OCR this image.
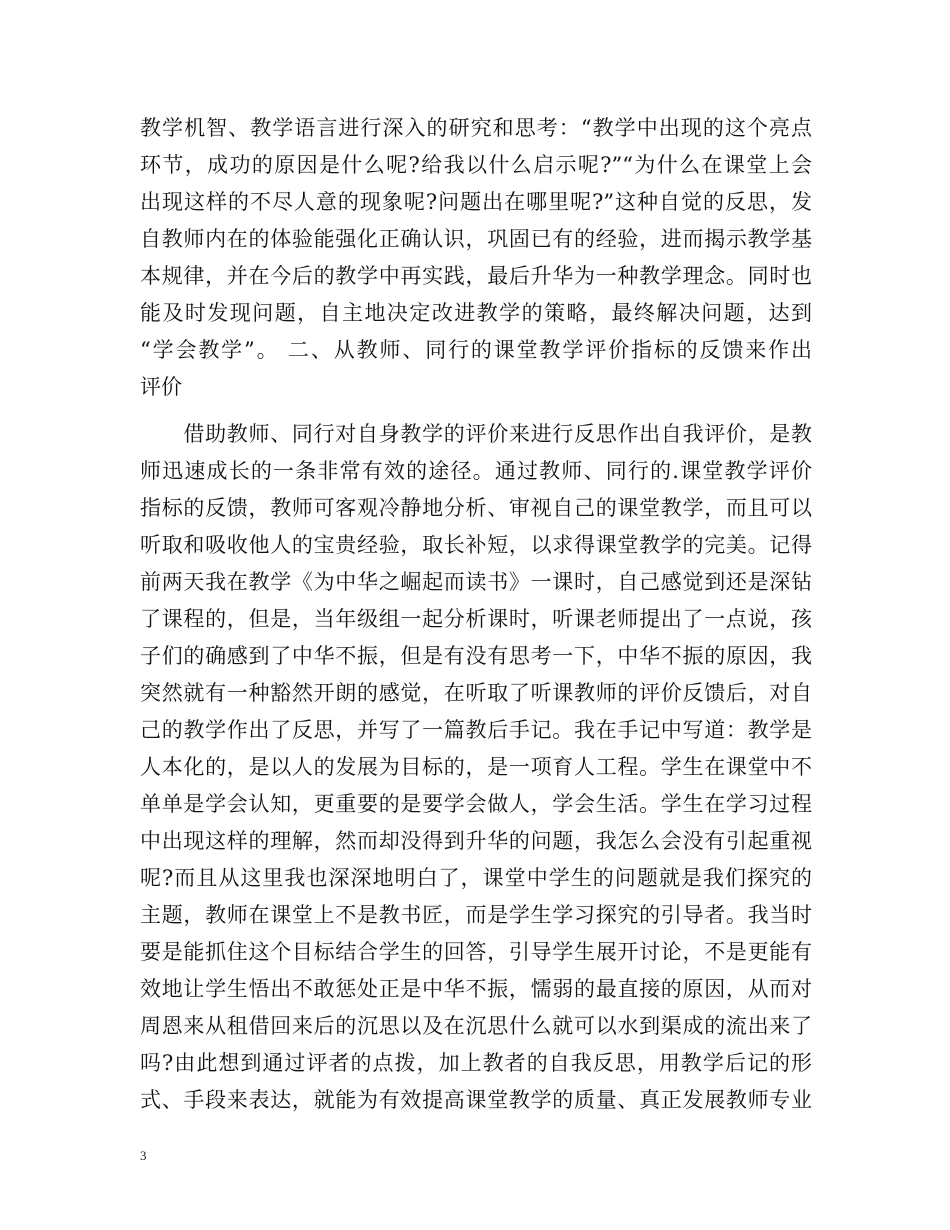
教学机智、教学语言进行深入的研究和思考：“教学中出现的这个亮点
环节，成功的原因是什么呢?给我以什么启示呢?”“为什么在课堂上会
出现这样的不尽人意的现象呢?问题出在哪里呢?”这种自觉的反思，发
自教师内在的体验能强化正确认识，巩固已有的经验，进而揭示教学基
本规律，并在今后的教学中再实践，最后升华为一种教学理念。同时也
能及时发现问题，自主地决定改进教学的策略，最终解决问题，达到
“学会教学”。 二、从教师、同行的课堂教学评价指标的反馈来作出
评价
　　借助教师、同行对自身教学的评价来进行反思作出自我评价，是教
师迅速成长的一条非常有效的途径。通过教师、同行的.课堂教学评价
指标的反馈，教师可客观冷静地分析、审视自己的课堂教学，而且可以
听取和吸收他人的宝贵经验，取长补短，以求得课堂教学的完美。记得
前两天我在教学《为中华之崛起而读书》一课时，自己感觉到还是深钻
了课程的，但是，当年级组一起分析课时，听课老师提出了一点说，孩
子们的确感到了中华不振，但是有没有思考一下，中华不振的原因，我
突然就有一种豁然开朗的感觉，在听取了听课教师的评价反馈后，对自
己的教学作出了反思，并写了一篇教后手记。我在手记中写道：教学是
人本化的，是以人的发展为目标的，是一项育人工程。学生在课堂中不
单单是学会认知，更重要的是要学会做人，学会生活。学生在学习过程
中出现这样的理解，然而却没得到升华的问题，我怎么会没有引起重视
呢?而且从这里我也深深地明白了，课堂中学生的问题就是我们探究的
主题，教师在课堂上不是教书匠，而是学生学习探究的引导者。我当时
要是能抓住这个目标结合学生的回答，引导学生展开讨论，不是更能有
效地让学生悟出不敢惩处正是中华不振，懦弱的最直接的原因，从而对
周恩来从租借回来后的沉思以及在沉思什么就可以水到渠成的流出来了
吗?由此想到通过评者的点拨，加上教者的自我反思，用教学后记的形
式、手段来表达，就能为有效提高课堂教学的质量、真正发展教师专业
3
